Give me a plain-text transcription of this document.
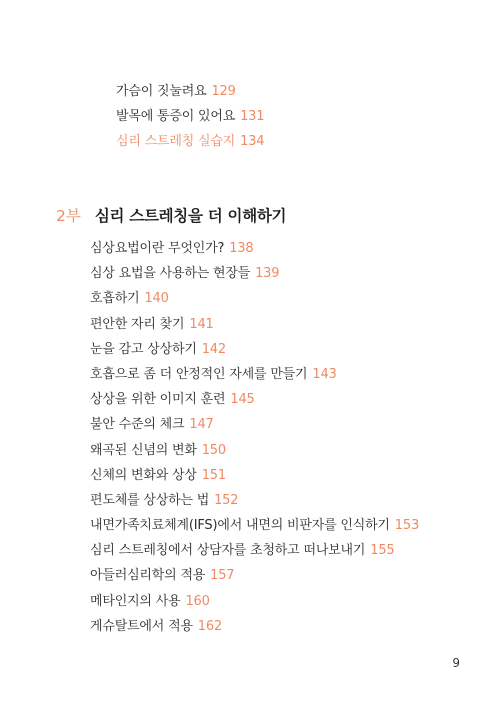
가슴이 짓눌려요 129
발목에 통증이 있어요 131
심리 스트레칭 실습지 134
2부 심리 스트레칭을 더 이해하기
심상요법이란 무엇인가? 138
심상 요법을 사용하는 현장들 139
호흡하기 140
편안한 자리 찾기 141
눈을 감고 상상하기 142
호흡으로 좀 더 안정적인 자세를 만들기 143
상상을 위한 이미지 훈련 145
불안 수준의 체크 147
왜곡된 신념의 변화 150
신체의 변화와 상상 151
편도체를 상상하는 법 152
내면가족치료체계(IFS)에서 내면의 비판자를 인식하기 153
심리 스트레칭에서 상담자를 초청하고 떠나보내기 155
아들러심리학의 적용 157
메타인지의 사용 160
게슈탈트에서 적용 162
9
